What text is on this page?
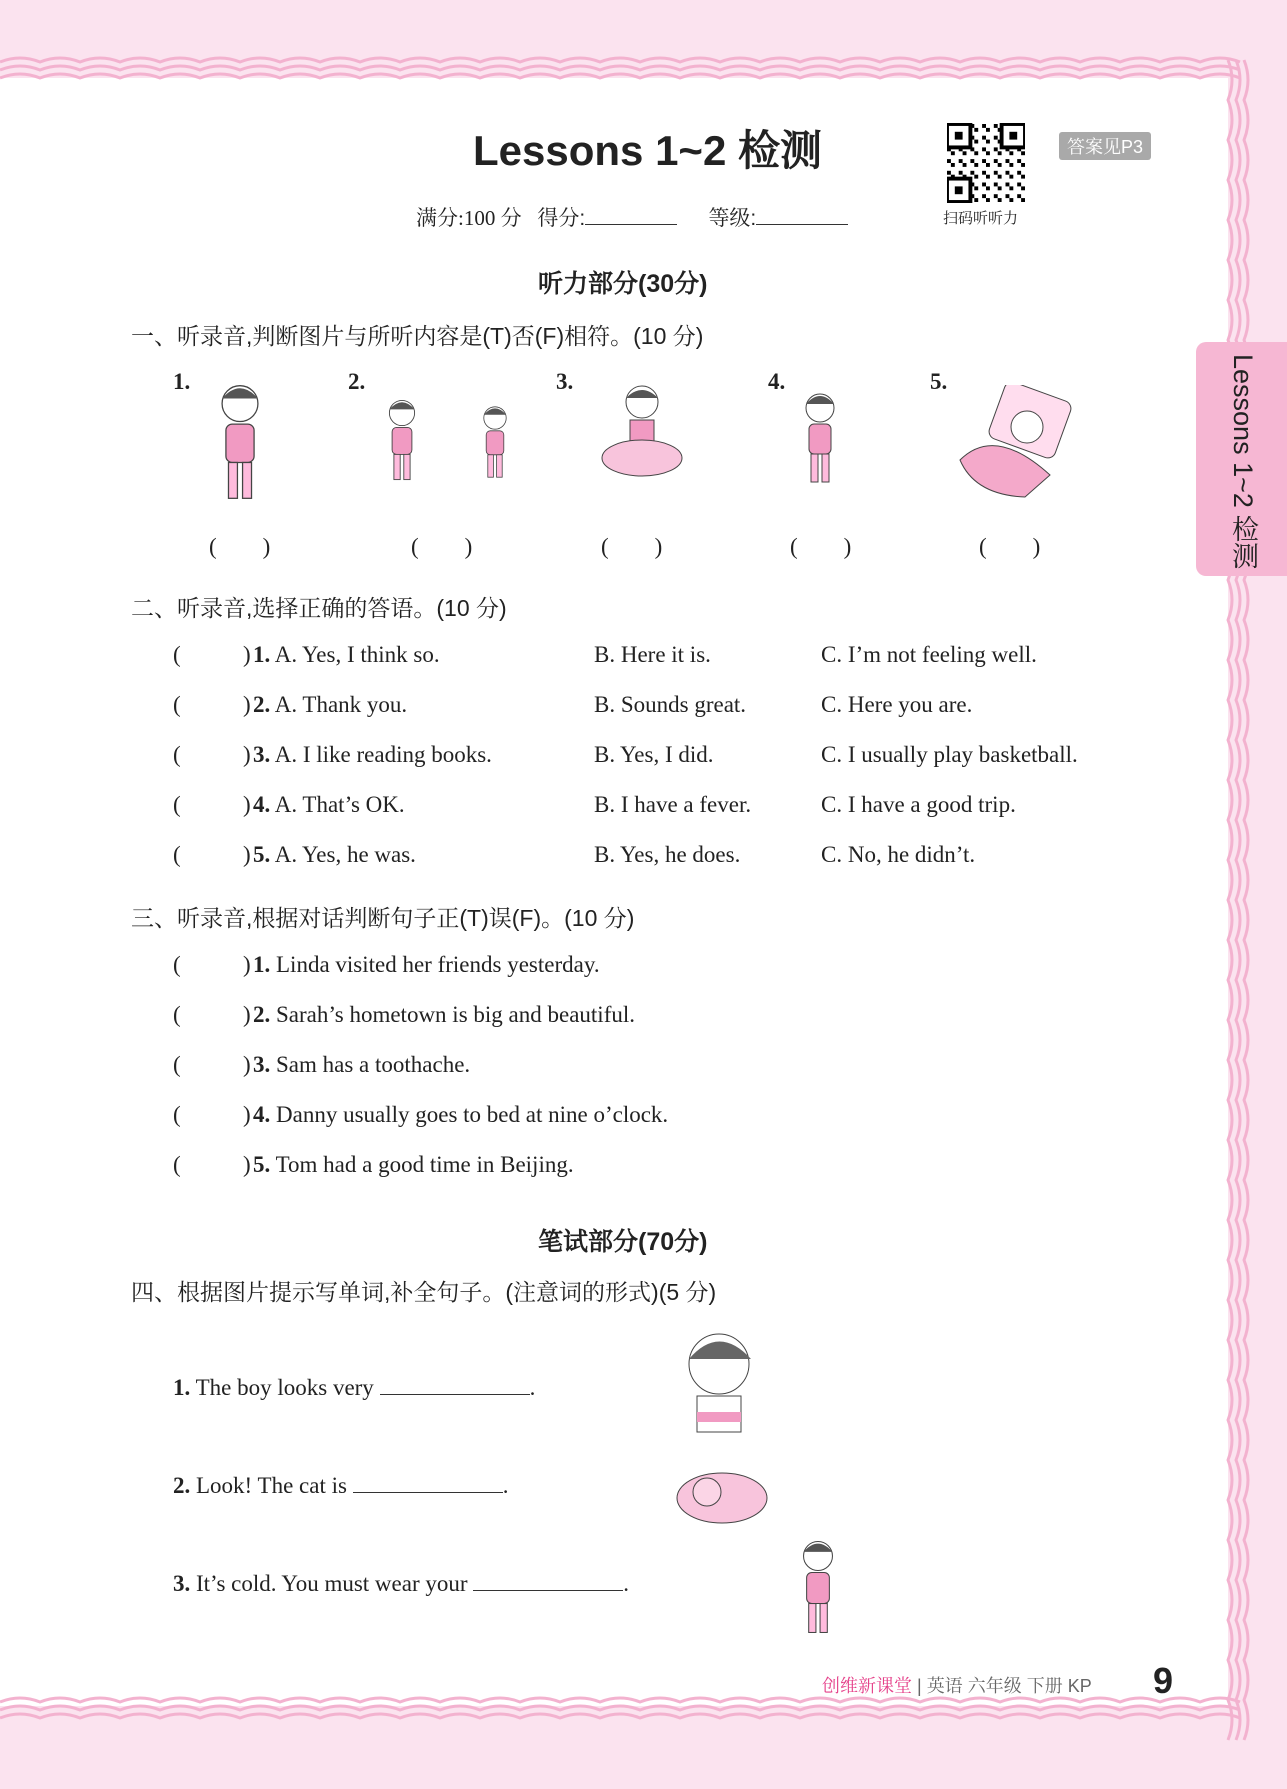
Lessons 1~2 检测
满分:100 分 得分:	等级:	扫码听听力
答案见P3
Lessons 1~2 检测
听力部分(30分)
一、听录音,判断图片与所听内容是(T)否(F)相符。(10 分)
1.
(　　)
2.
(　　)
3.
(　　)
4.
(　　)
5.
(　　)
二、听录音,选择正确的答语。(10 分)
(	) 1. A. Yes, I think so.	B. Here it is.	C. I’m not feeling well.
(	) 2. A. Thank you.	B. Sounds great.	C. Here you are.
(	) 3. A. I like reading books.	B. Yes, I did.	C. I usually play basketball.
(	) 4. A. That’s OK.	B. I have a fever.	C. I have a good trip.
(	) 5. A. Yes, he was.	B. Yes, he does.	C. No, he didn’t.
三、听录音,根据对话判断句子正(T)误(F)。(10 分)
(	) 1. Linda visited her friends yesterday.
(	) 2. Sarah’s hometown is big and beautiful.
(	) 3. Sam has a toothache.
(	) 4. Danny usually goes to bed at nine o’clock.
(	) 5. Tom had a good time in Beijing.
笔试部分(70分)
四、根据图片提示写单词,补全句子。(注意词的形式)(5 分)
1. The boy looks very	.
2. Look! The cat is	.
3. It’s cold. You must wear your	.
创维新课堂 | 英语 六年级 下册 KP 9
